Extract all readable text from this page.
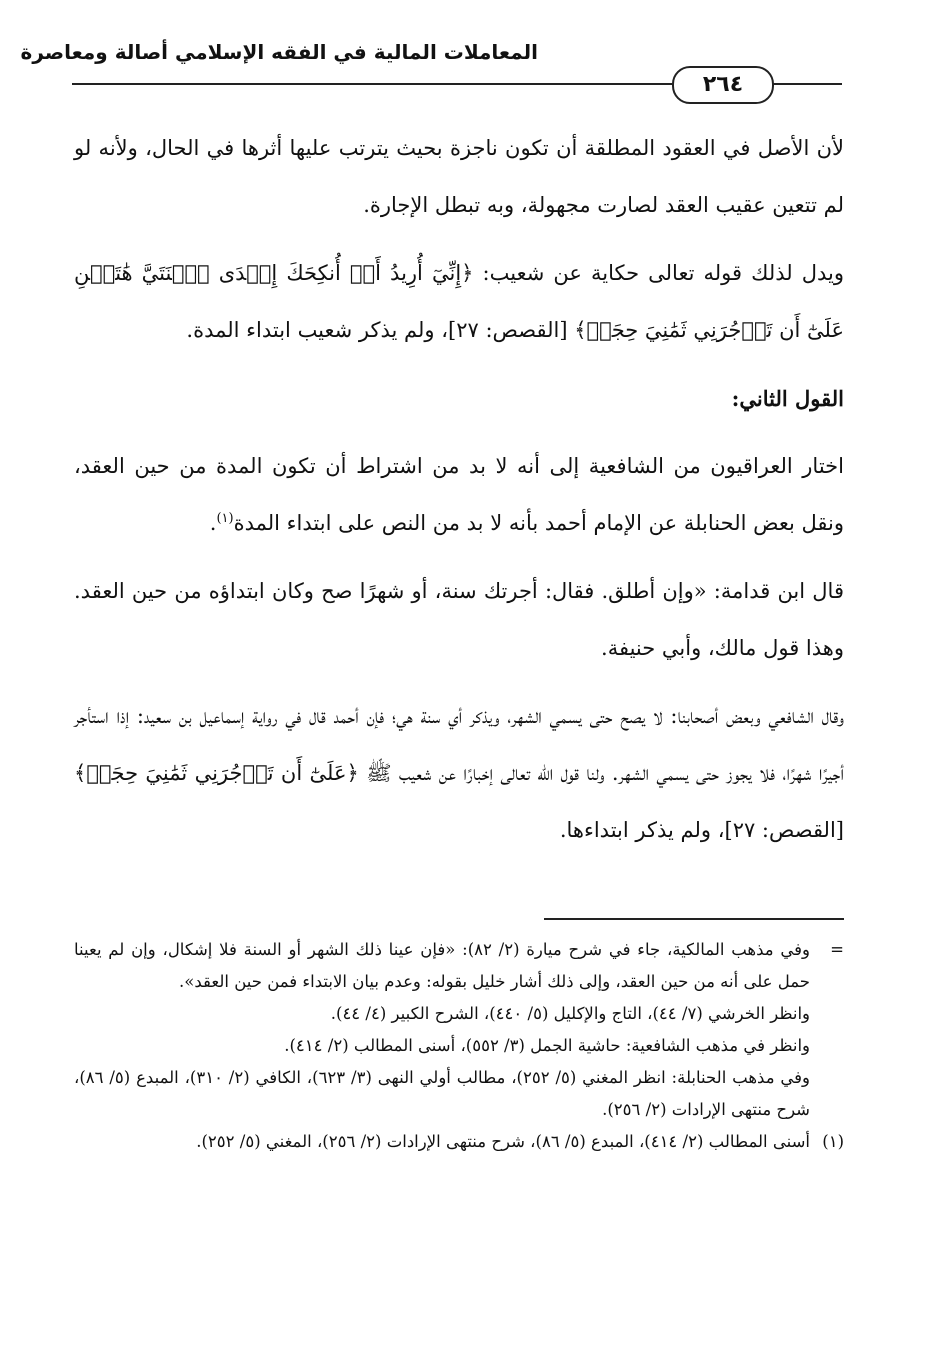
المعاملات المالية في الفقه الإسلامي أصالة ومعاصرة
٢٦٤

لأن الأصل في العقود المطلقة أن تكون ناجزة بحيث يترتب عليها أثرها في الحال، ولأنه لو لم تتعين عقيب العقد لصارت مجهولة، وبه تبطل الإجارة.

ويدل لذلك قوله تعالى حكاية عن شعيب: ﴿إِنِّيٓ أُرِيدُ أَنۡ أُنكِحَكَ إِحۡدَى ٱبۡنَتَيَّ هَٰتَيۡنِ عَلَىٰٓ أَن تَأۡجُرَنِي ثَمَٰنِيَ حِجَجٖ﴾ [القصص: ٢٧]، ولم يذكر شعيب ابتداء المدة.

القول الثاني:

اختار العراقيون من الشافعية إلى أنه لا بد من اشتراط أن تكون المدة من حين العقد، ونقل بعض الحنابلة عن الإمام أحمد بأنه لا بد من النص على ابتداء المدة$^{(١)}$.

قال ابن قدامة: «وإن أطلق. فقال: أجرتك سنة، أو شهرًا صح وكان ابتداؤه من حين العقد. وهذا قول مالك، وأبي حنيفة.

وقال الشافعي وبعض أصحابنا: لا يصح حتى يسمي الشهر، ويذكر أي سنة هي؛ فإن أحمد قال في رواية إسماعيل بن سعيد: إذا استأجر أجيرًا شهرًا، فلا يجوز حتى يسمي الشهر. ولنا قول الله تعالى إخبارًا عن شعيب ﷺ ﴿عَلَىٰٓ أَن تَأۡجُرَنِي ثَمَٰنِيَ حِجَجٖ﴾ [القصص: ٢٧]، ولم يذكر ابتداءها.

=
وفي مذهب المالكية، جاء في شرح ميارة (٢/ ٨٢): «فإن عينا ذلك الشهر أو السنة فلا إشكال، وإن لم يعينا حمل على أنه من حين العقد، وإلى ذلك أشار خليل بقوله: وعدم بيان الابتداء فمن حين العقد».
وانظر الخرشي (٧/ ٤٤)، التاج والإكليل (٥/ ٤٤٠)، الشرح الكبير (٤/ ٤٤).
وانظر في مذهب الشافعية: حاشية الجمل (٣/ ٥٥٢)، أسنى المطالب (٢/ ٤١٤).
وفي مذهب الحنابلة: انظر المغني (٥/ ٢٥٢)، مطالب أولي النهى (٣/ ٦٢٣)، الكافي (٢/ ٣١٠)، المبدع (٥/ ٨٦)، شرح منتهى الإرادات (٢/ ٢٥٦).
(١)
أسنى المطالب (٢/ ٤١٤)، المبدع (٥/ ٨٦)، شرح منتهى الإرادات (٢/ ٢٥٦)، المغني (٥/ ٢٥٢).
